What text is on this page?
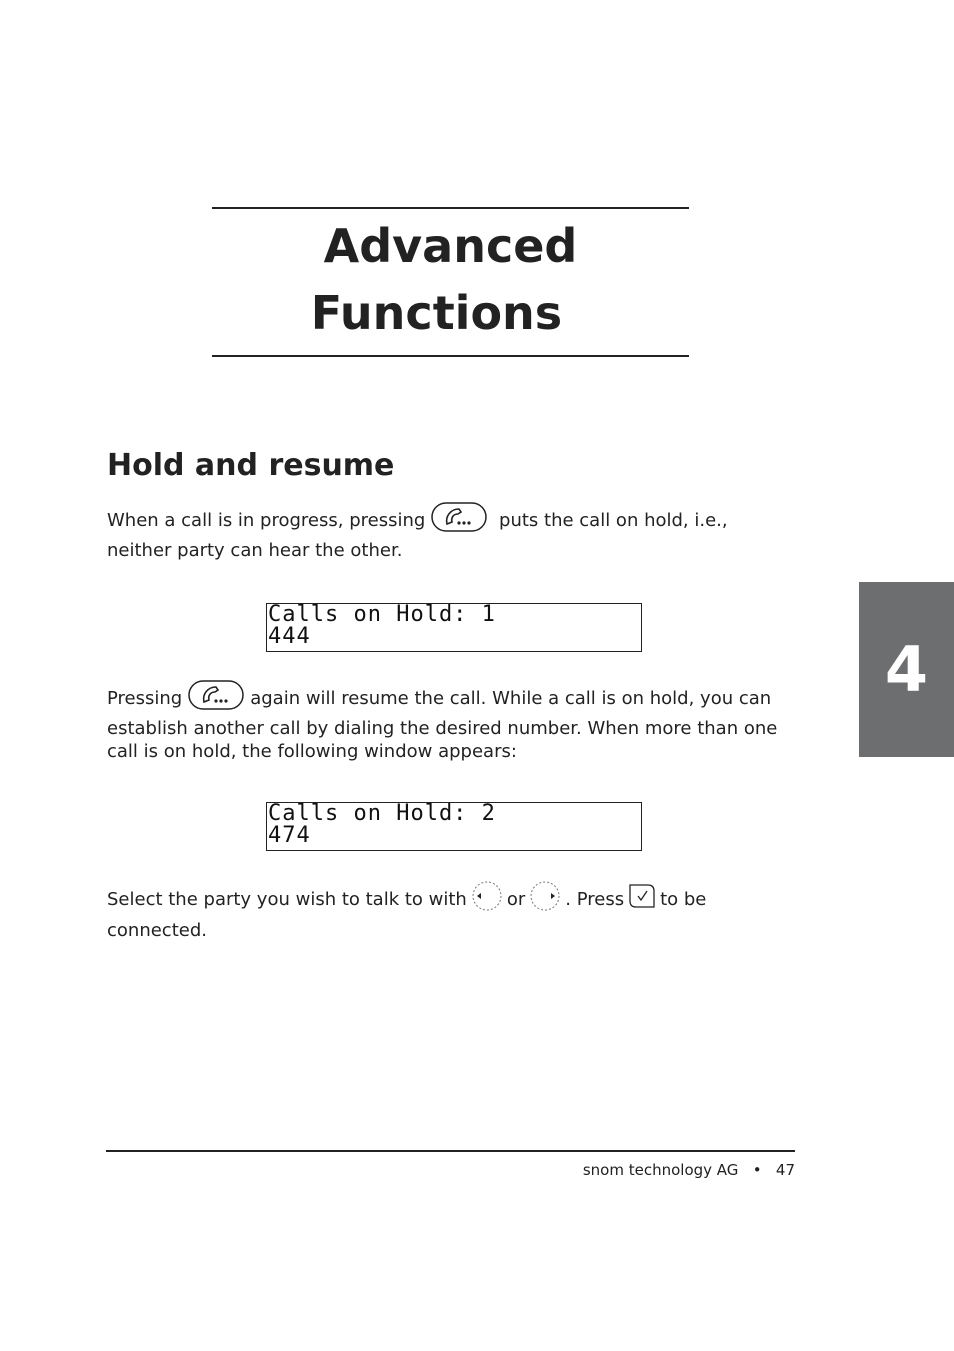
Advanced
Functions
Hold and resume

When a call is in progress, pressing	puts the call on hold, i.e., neither party can hear the other.

Calls on Hold: 1
444

Pressing	again will resume the call. While a call is on hold, you can establish another call by dialing the desired number. When more than one call is on hold, the following window appears:

Calls on Hold: 2
474

Select the party you wish to talk to with or . Press to be connected.

4
snom technology AG • 47
